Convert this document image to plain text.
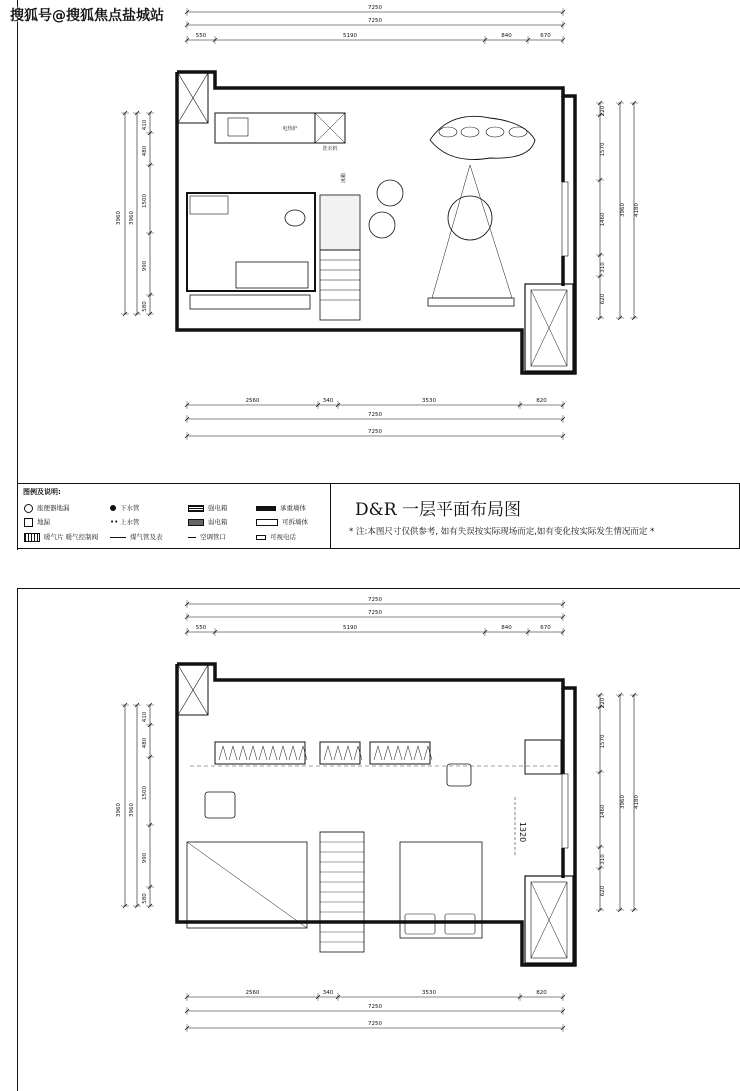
7250
7250
550	5190	840	670
电热炉
洗衣机
冰箱
410
480
1500
990
580
3960 3960
220
1570
1460
310
620
3960 4180
2560	340	3530	820
7250
7250
7250
7250
550	5190	840	670
1320
410
480
1500
990
580
3960 3960
220
1570
1460
310
620
3960 4180
2560	340	3530	820
7250
7250
搜狐号@搜狐焦点盐城站
图例及说明:
座便器地漏	下水管	强电箱	承重墙体
地漏	•• 上水管	弱电箱	可拆墙体
暖气片 暖气控制阀	煤气管及表	空调管口	可视电话
D&R 一层平面布局图
* 注:本图尺寸仅供参考, 如有失误按实际现场而定,如有变化按实际发生情况而定 *
